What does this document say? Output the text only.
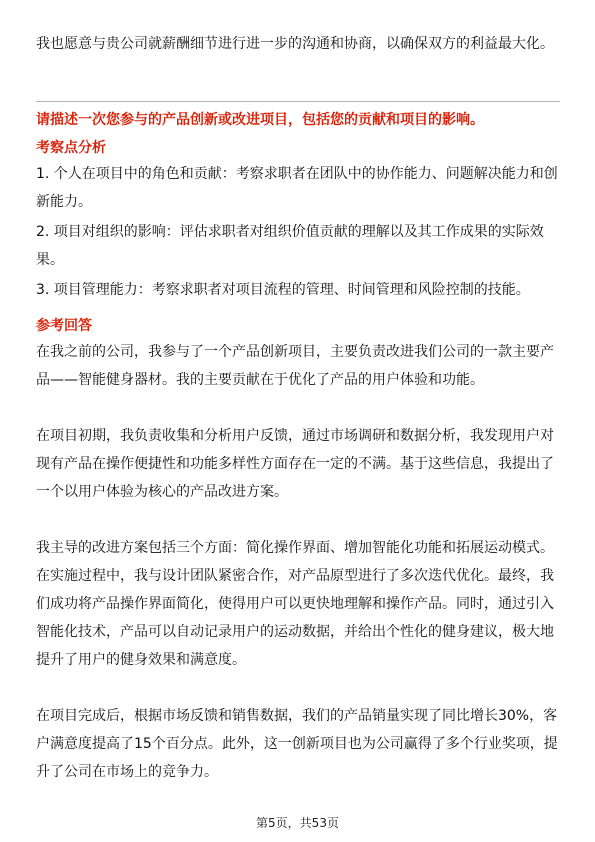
我也愿意与贵公司就薪酬细节进行进一步的沟通和协商，以确保双方的利益最大化。

请描述一次您参与的产品创新或改进项目，包括您的贡献和项目的影响。
考察点分析
1. 个人在项目中的角色和贡献：考察求职者在团队中的协作能力、问题解决能力和创新能力。
2. 项目对组织的影响：评估求职者对组织价值贡献的理解以及其工作成果的实际效果。
3. 项目管理能力：考察求职者对项目流程的管理、时间管理和风险控制的技能。
参考回答

在我之前的公司，我参与了一个产品创新项目，主要负责改进我们公司的一款主要产品——智能健身器材。我的主要贡献在于优化了产品的用户体验和功能。

在项目初期，我负责收集和分析用户反馈，通过市场调研和数据分析，我发现用户对现有产品在操作便捷性和功能多样性方面存在一定的不满。基于这些信息，我提出了一个以用户体验为核心的产品改进方案。

我主导的改进方案包括三个方面：简化操作界面、增加智能化功能和拓展运动模式。在实施过程中，我与设计团队紧密合作，对产品原型进行了多次迭代优化。最终，我们成功将产品操作界面简化，使得用户可以更快地理解和操作产品。同时，通过引入智能化技术，产品可以自动记录用户的运动数据，并给出个性化的健身建议，极大地提升了用户的健身效果和满意度。

在项目完成后，根据市场反馈和销售数据，我们的产品销量实现了同比增长30%，客户满意度提高了15个百分点。此外，这一创新项目也为公司赢得了多个行业奖项，提升了公司在市场上的竞争力。

第5页，共53页
